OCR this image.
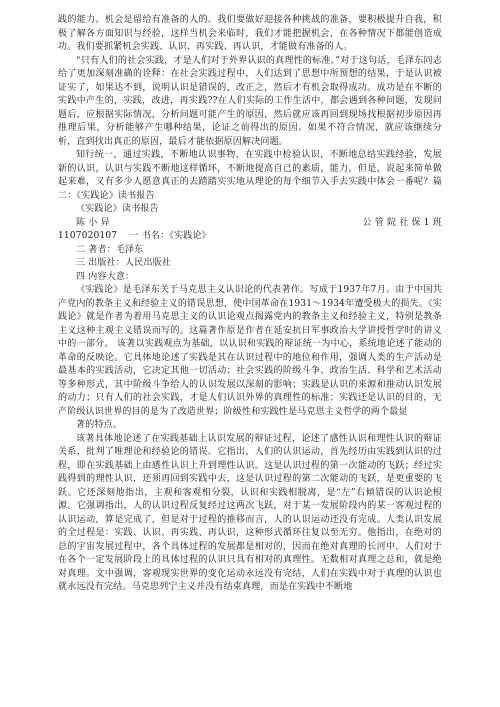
践的能力。机会是留给有准备的人的。我们要做好迎接各种挑战的准备，要积极提升自我，积极了解各方面知识与经验，这样当机会来临时，我们才能把握机会，在各种情况下都能创造成功。我们要抓紧机会实践、认识、再实践、再认识，才能做有准备的人。

“只有人们的社会实践，才是人们对于外界认识的真理性的标准。”对于这句话，毛泽东同志给了更加深刻准确的诠释：在社会实践过程中，人们达到了思想中所预想的结果，于是认识被证实了，如果达不到，说明认识是错误的，改正之，然后才有机会取得成功。成功是在不断的实践中产生的，实践，改进，再实践??在人们实际的工作生活中，都会遇到各种问题，发现问题后，应根据实际情况，分析问题可能产生的原因，然后就应该再回到现场找根据初步原因再推理后果，分析能够产生哪种结果，论证之前得出的原因。如果不符合情况，就应该继续分析，直到找出真正的原因，最后才能依据原因解决问题。

知行统一，通过实践，不断地认识事物，在实践中检验认识，不断地总结实践经验，发展新的认识，认识与实践不断地这样循环，不断地提高自己的素质，能力，但是，说起来简单做起来难，又有多少人愿意真正的去踏踏实实地从理论的每个细节入手去实践中体会一番呢？篇二：《实践论》读书报告

《实践论》读书报告

陈 小 异	公 管 院 社 保 1 班

1107020107　 一 书名：《实践论》

二 著者：毛泽东

三 出版社：人民出版社

四 内容大意：

《实践论》是毛泽东关于马克思主义认识论的代表著作。写成于1937年7月。由于中国共产党内的教条主义和经验主义的错误思想，使中国革命在1931～1934年遭受极大的损失。《实践论》就是作者为着用马克思主义的认识论观点揭露党内的教条主义和经验主义，特别是教条主义这种主观主义错误而写的。这篇著作原是作者在延安抗日军事政治大学讲授哲学时的讲义中的一部分。 该著以实践观点为基础，以认识和实践的辩证统一为中心，系统地论述了能动的革命的反映论。它具体地论述了实践是其在认识过程中的地位和作用，强调人类的生产活动是最基本的实践活动，它决定其他一切活动；社会实践的阶级斗争、政治生活、科学和艺术活动等多种形式，其中阶级斗争给人的认识发展以深刻的影响；实践是认识的来源和推动认识发展的动力；只有人们的社会实践，才是人们认识外界的真理性的标准；实践还是认识的目的，无产阶级认识世界的目的是为了改造世界；阶级性和实践性是马克思主义哲学的两个最显

著的特点。

该著具体地论述了在实践基础上认识发展的辩证过程，论述了感性认识和理性认识的辩证关系，批判了唯理论和经验论的错误。它指出，人们的认识运动，首先经历由实践到认识的过程，即在实践基础上由感性认识上升到理性认识。这是认识过程的第一次能动的飞跃；经过实践得到的理性认识，还须再回到实践中去，这是认识过程的第二次能动的飞跃，是更重要的飞跃。它还深刻地指出，主观和客观相分裂，认识和实践相脱离，是“左”右倾错误的认识论根源。它强调指出，人的认识过程反复经过这两次飞跃，对于某一发展阶段内的某一客观过程的认识运动，算是完成了，但是对于过程的推移而言，人的认识运动还没有完成。人类认识发展的全过程是：实践、认识、再实践、再认识，这种形式循环往复以至无穷。他指出，在绝对的总的宇宙发展过程中，各个具体过程的发展都是相对的，因而在绝对真理的长河中，人们对于在各个一定发展阶段上的具体过程的认识只具有相对的真理性。无数相对真理之总和，就是绝对真理。文中强调，客观现实世界的变化运动永远没有完结，人们在实践中对于真理的认识也就永远没有完结。马克思列宁主义并没有结束真理，而是在实践中不断地
